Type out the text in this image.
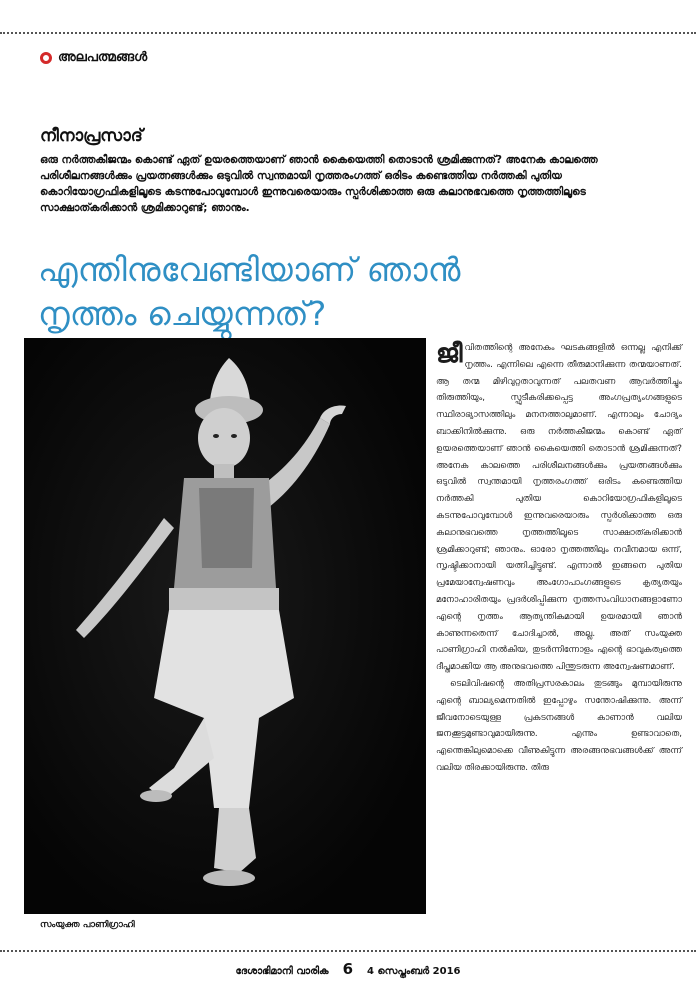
അലപത്മങ്ങൾ
നീനാപ്രസാദ്

ഒരു നർത്തകീജന്മം കൊണ്ട് ഏത് ഉയരത്തെയാണ് ഞാൻ കൈയെത്തി തൊടാൻ ശ്രമിക്കുന്നത്? അനേക കാലത്തെ പരിശീലനങ്ങൾക്കും പ്രയത്നങ്ങൾക്കും ഒടുവിൽ സ്വന്തമായി നൃത്തരംഗത്ത് ഒരിടം കണ്ടെത്തിയ നർത്തകി പുതിയ കൊറിയോഗ്രഫികളിലൂടെ കടന്നുപോവുമ്പോൾ ഇന്നുവരെയാരും സ്പർശിക്കാത്ത ഒരു കലാനുഭവത്തെ നൃത്തത്തിലൂടെ സാക്ഷാത്കരിക്കാൻ ശ്രമിക്കാറുണ്ട്; ഞാനും.

എന്തിനുവേണ്ടിയാണ് ഞാൻ
നൃത്തം ചെയ്യുന്നത്?
സംയുക്ത പാണിഗ്രാഹി

ജീവിതത്തിന്റെ അനേകം ഘടകങ്ങളിൽ ഒന്നല്ല എനിക്ക് നൃത്തം. എന്നിലെ എന്നെ തീരുമാനിക്കുന്ന തന്മയാണത്. ആ തന്മ മിഴിവുറ്റതാവുന്നത് പലതവണ ആവർത്തിച്ചും തിരുത്തിയും, സ്ഫുടീകരിക്കപ്പെട്ട അംഗപ്രത്യംഗങ്ങളുടെ സ്ഥിരാഭ്യാസത്തിലും മനനത്താലുമാണ്. എന്നാലും ചോദ്യം ബാക്കിനിൽക്കുന്നു. ഒരു നർത്തകീജന്മം കൊണ്ട് ഏത് ഉയരത്തെയാണ് ഞാൻ കൈയെത്തി തൊടാൻ ശ്രമിക്കുന്നത്? അനേക കാലത്തെ പരിശീലനങ്ങൾക്കും പ്രയത്നങ്ങൾക്കും ഒടുവിൽ സ്വന്തമായി നൃത്തരംഗത്ത് ഒരിടം കണ്ടെത്തിയ നർത്തകി പുതിയ കൊറിയോഗ്രഫികളിലൂടെ കടന്നുപോവുമ്പോൾ ഇന്നുവരെയാരും സ്പർശിക്കാത്ത ഒരു കലാനുഭവത്തെ നൃത്തത്തിലൂടെ സാക്ഷാത്കരിക്കാൻ ശ്രമിക്കാറുണ്ട്; ഞാനും. ഓരോ നൃത്തത്തിലും നവീനമായ ഒന്ന്, സൃഷ്ടിക്കാനായി യത്നിച്ചിട്ടുണ്ട്. എന്നാൽ ഇങ്ങനെ പുതിയ പ്രമേയാന്വേഷണവും അംഗോപാംഗങ്ങളുടെ കൃത്യതയും മനോഹാരിതയും പ്രദർശിപ്പിക്കുന്ന നൃത്തസംവിധാനങ്ങളാണോ എന്റെ നൃത്തം ആത്യന്തികമായി ഉയരമായി ഞാൻ കാണുന്നതെന്ന് ചോദിച്ചാൽ, അല്ല. അത് സംയുക്ത പാണിഗ്രാഹി നൽകിയ, തുടർന്നിന്നോളം എന്റെ ഭാവുകത്വത്തെ ദീപ്തമാക്കിയ ആ അനുഭവത്തെ പിന്തുടരുന്ന അന്വേഷണമാണ്.

ടെലിവിഷന്റെ അതിപ്രസരകാലം തുടങ്ങും മുമ്പായിരുന്നു എന്റെ ബാല്യമെന്നതിൽ ഇപ്പോഴും സന്തോഷിക്കുന്നു. അന്ന് ജീവനോടെയുള്ള പ്രകടനങ്ങൾ കാണാൻ വലിയ ജനക്കൂട്ടമുണ്ടാവുമായിരുന്നു. എന്നും ഉണ്ടാവാതെ, എന്തെങ്കിലുമൊക്കെ വീണുകിട്ടുന്ന അരങ്ങനുഭവങ്ങൾക്ക് അന്ന് വലിയ തിരക്കായിരുന്നു. തിരു

ദേശാഭിമാനി വാരിക 6 4 സെപ്തംബർ 2016
